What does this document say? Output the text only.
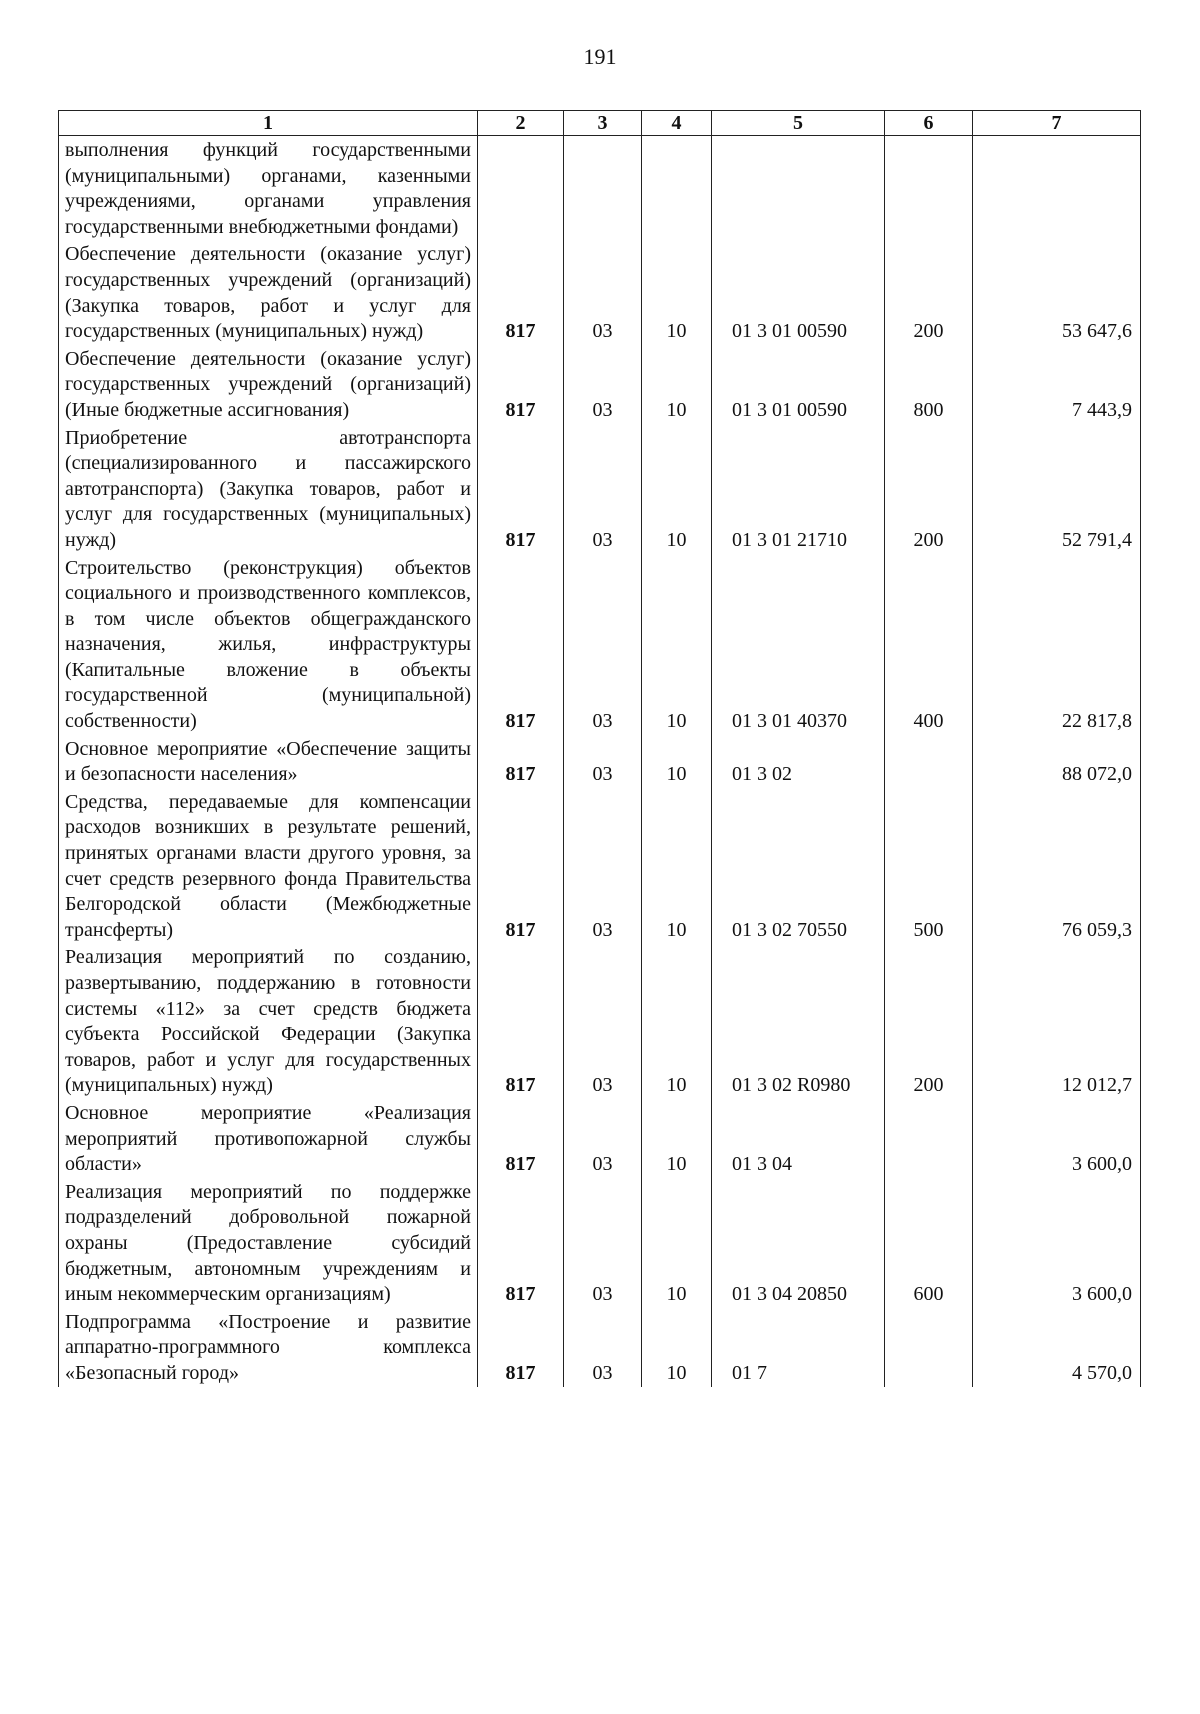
191
1	2	3	4	5	6	7
выполнения функций государственными (муниципальными) органами, казенными учреждениями, органами управления государственными внебюджетными фондами)						
Обеспечение деятельности (оказание услуг) государственных учреждений (организаций) (Закупка товаров, работ и услуг для государственных (муниципальных) нужд)	817	03	10	01 3 01 00590	200	53 647,6
Обеспечение деятельности (оказание услуг) государственных учреждений (организаций) (Иные бюджетные ассигнования)	817	03	10	01 3 01 00590	800	7 443,9
Приобретение автотранспорта (специализированного и пассажирского автотранспорта) (Закупка товаров, работ и услуг для государственных (муниципальных) нужд)	817	03	10	01 3 01 21710	200	52 791,4
Строительство (реконструкция) объектов социального и производственного комплексов, в том числе объектов общегражданского назначения, жилья, инфраструктуры (Капитальные вложение в объекты государственной (муниципальной) собственности)	817	03	10	01 3 01 40370	400	22 817,8
Основное мероприятие «Обеспечение защиты и безопасности населения»	817	03	10	01 3 02		88 072,0
Средства, передаваемые для компенсации расходов возникших в результате решений, принятых органами власти другого уровня, за счет средств резервного фонда Правительства Белгородской области (Межбюджетные трансферты)	817	03	10	01 3 02 70550	500	76 059,3
Реализация мероприятий по созданию, развертыванию, поддержанию в готовности системы «112» за счет средств бюджета субъекта Российской Федерации (Закупка товаров, работ и услуг для государственных (муниципальных) нужд)	817	03	10	01 3 02 R0980	200	12 012,7
Основное мероприятие «Реализация мероприятий противопожарной службы области»	817	03	10	01 3 04		3 600,0
Реализация мероприятий по поддержке подразделений добровольной пожарной охраны (Предоставление субсидий бюджетным, автономным учреждениям и иным некоммерческим организациям)	817	03	10	01 3 04 20850	600	3 600,0
Подпрограмма «Построение и развитие аппаратно-программного комплекса «Безопасный город»	817	03	10	01 7		4 570,0
